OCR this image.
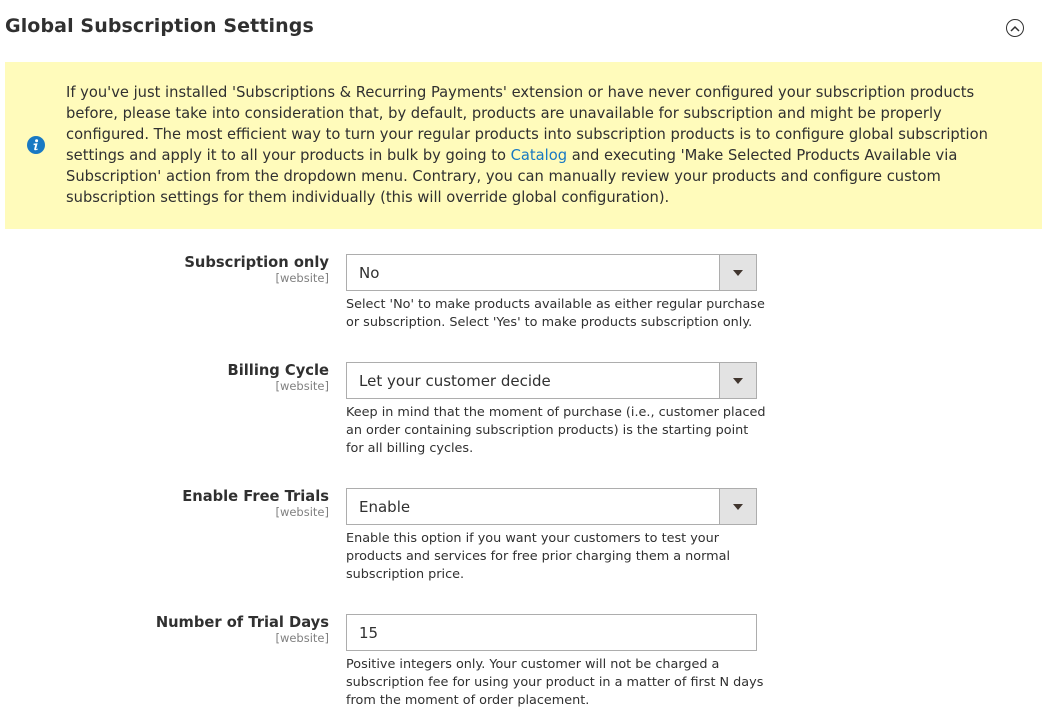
Global Subscription Settings

If you've just installed 'Subscriptions & Recurring Payments' extension or have never configured your subscription products before, please take into consideration that, by default, products are unavailable for subscription and might be properly configured. The most efficient way to turn your regular products into subscription products is to configure global subscription settings and apply it to all your products in bulk by going to Catalog and executing 'Make Selected Products Available via Subscription' action from the dropdown menu. Contrary, you can manually review your products and configure custom subscription settings for them individually (this will override global configuration).

Subscription only
[website] No

Select 'No' to make products available as either regular purchase or subscription. Select 'Yes' to make products subscription only.

Billing Cycle
[website] Let your customer decide

Keep in mind that the moment of purchase (i.e., customer placed an order containing subscription products) is the starting point for all billing cycles.

Enable Free Trials
[website] Enable

Enable this option if you want your customers to test your products and services for free prior charging them a normal subscription price.

Number of Trial Days
[website]
15

Positive integers only. Your customer will not be charged a subscription fee for using your product in a matter of first N days from the moment of order placement.
